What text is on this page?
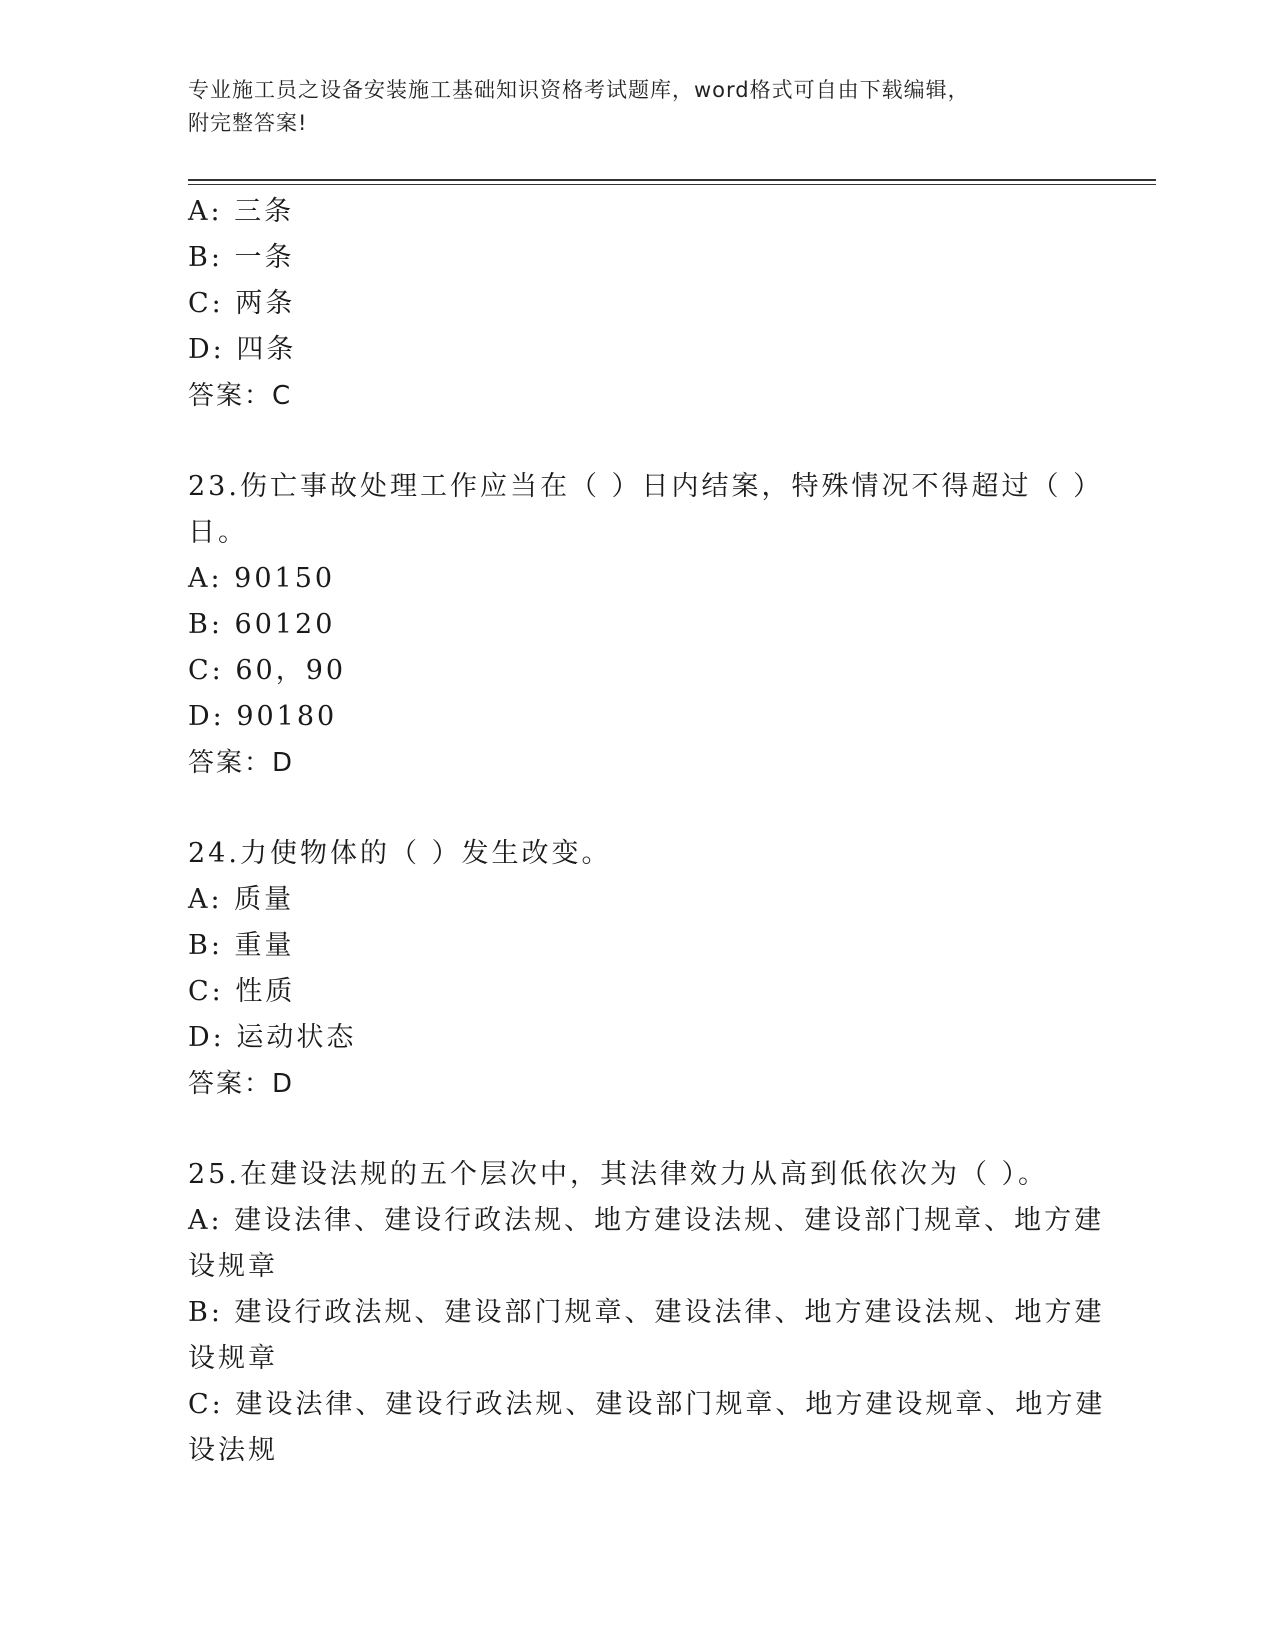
专业施工员之设备安装施工基础知识资格考试题库，word格式可自由下载编辑，
附完整答案!
A: 三条
B: 一条
C: 两条
D: 四条
答案：C
23.伤亡事故处理工作应当在（ ）日内结案，特殊情况不得超过（ ）
日。
A: 90150
B: 60120
C: 60，90
D: 90180
答案：D
24.力使物体的（ ）发生改变。
A: 质量
B: 重量
C: 性质
D: 运动状态
答案：D
25.在建设法规的五个层次中，其法律效力从高到低依次为（ ）。
A: 建设法律、建设行政法规、地方建设法规、建设部门规章、地方建
设规章
B: 建设行政法规、建设部门规章、建设法律、地方建设法规、地方建
设规章
C: 建设法律、建设行政法规、建设部门规章、地方建设规章、地方建
设法规
